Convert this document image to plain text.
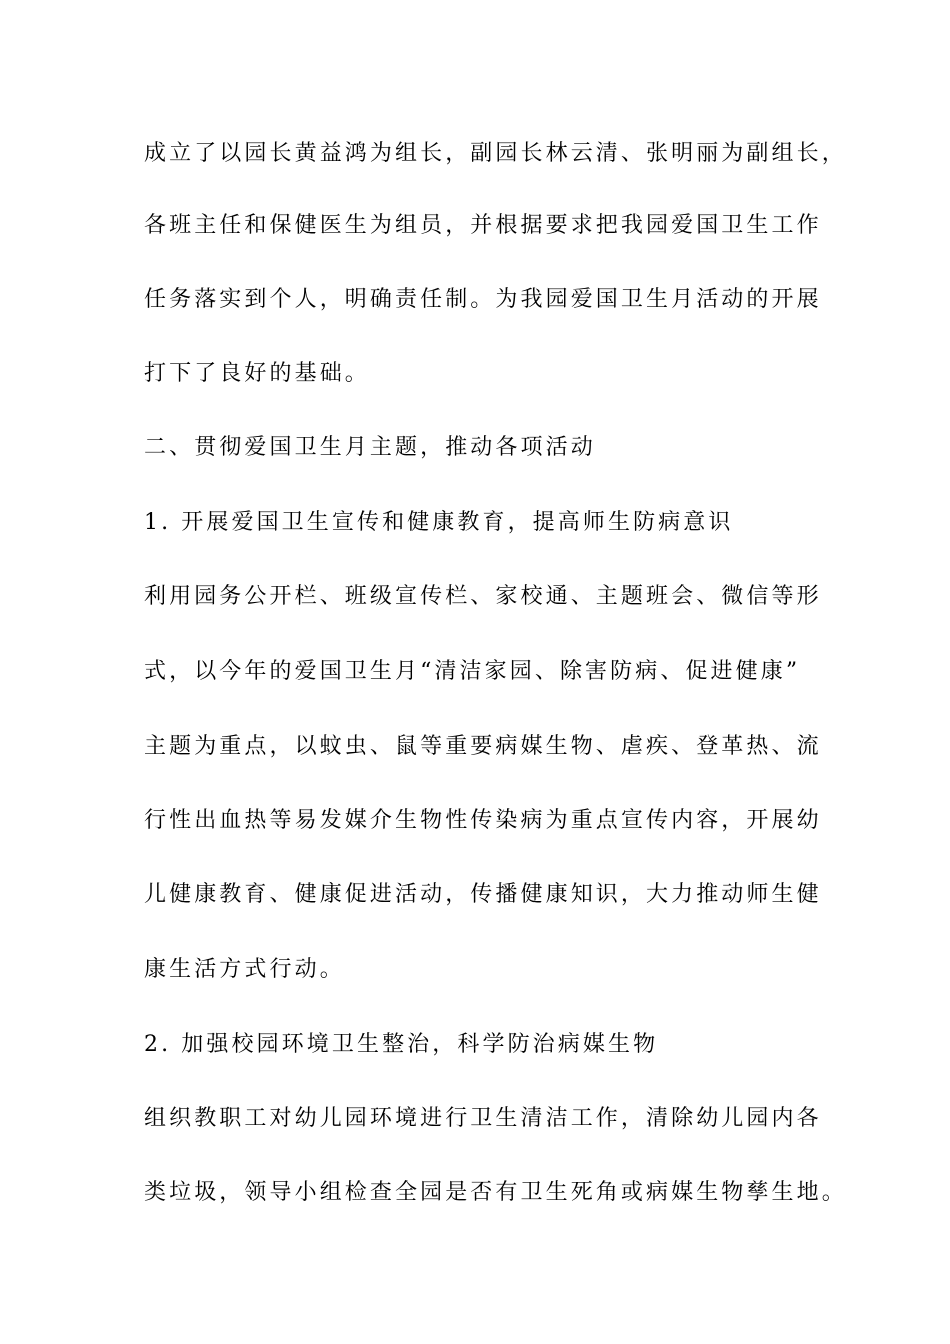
成立了以园长黄益鸿为组长，副园长林云清、张明丽为副组长，
各班主任和保健医生为组员，并根据要求把我园爱国卫生工作
任务落实到个人，明确责任制。为我园爱国卫生月活动的开展
打下了良好的基础。
二、贯彻爱国卫生月主题，推动各项活动
1. 开展爱国卫生宣传和健康教育，提高师生防病意识
利用园务公开栏、班级宣传栏、家校通、主题班会、微信等形
式，以今年的爱国卫生月“清洁家园、除害防病、促进健康”
主题为重点，以蚊虫、鼠等重要病媒生物、虐疾、登革热、流
行性出血热等易发媒介生物性传染病为重点宣传内容，开展幼
儿健康教育、健康促进活动，传播健康知识，大力推动师生健
康生活方式行动。
2. 加强校园环境卫生整治，科学防治病媒生物
组织教职工对幼儿园环境进行卫生清洁工作，清除幼儿园内各
类垃圾，领导小组检查全园是否有卫生死角或病媒生物孳生地。
